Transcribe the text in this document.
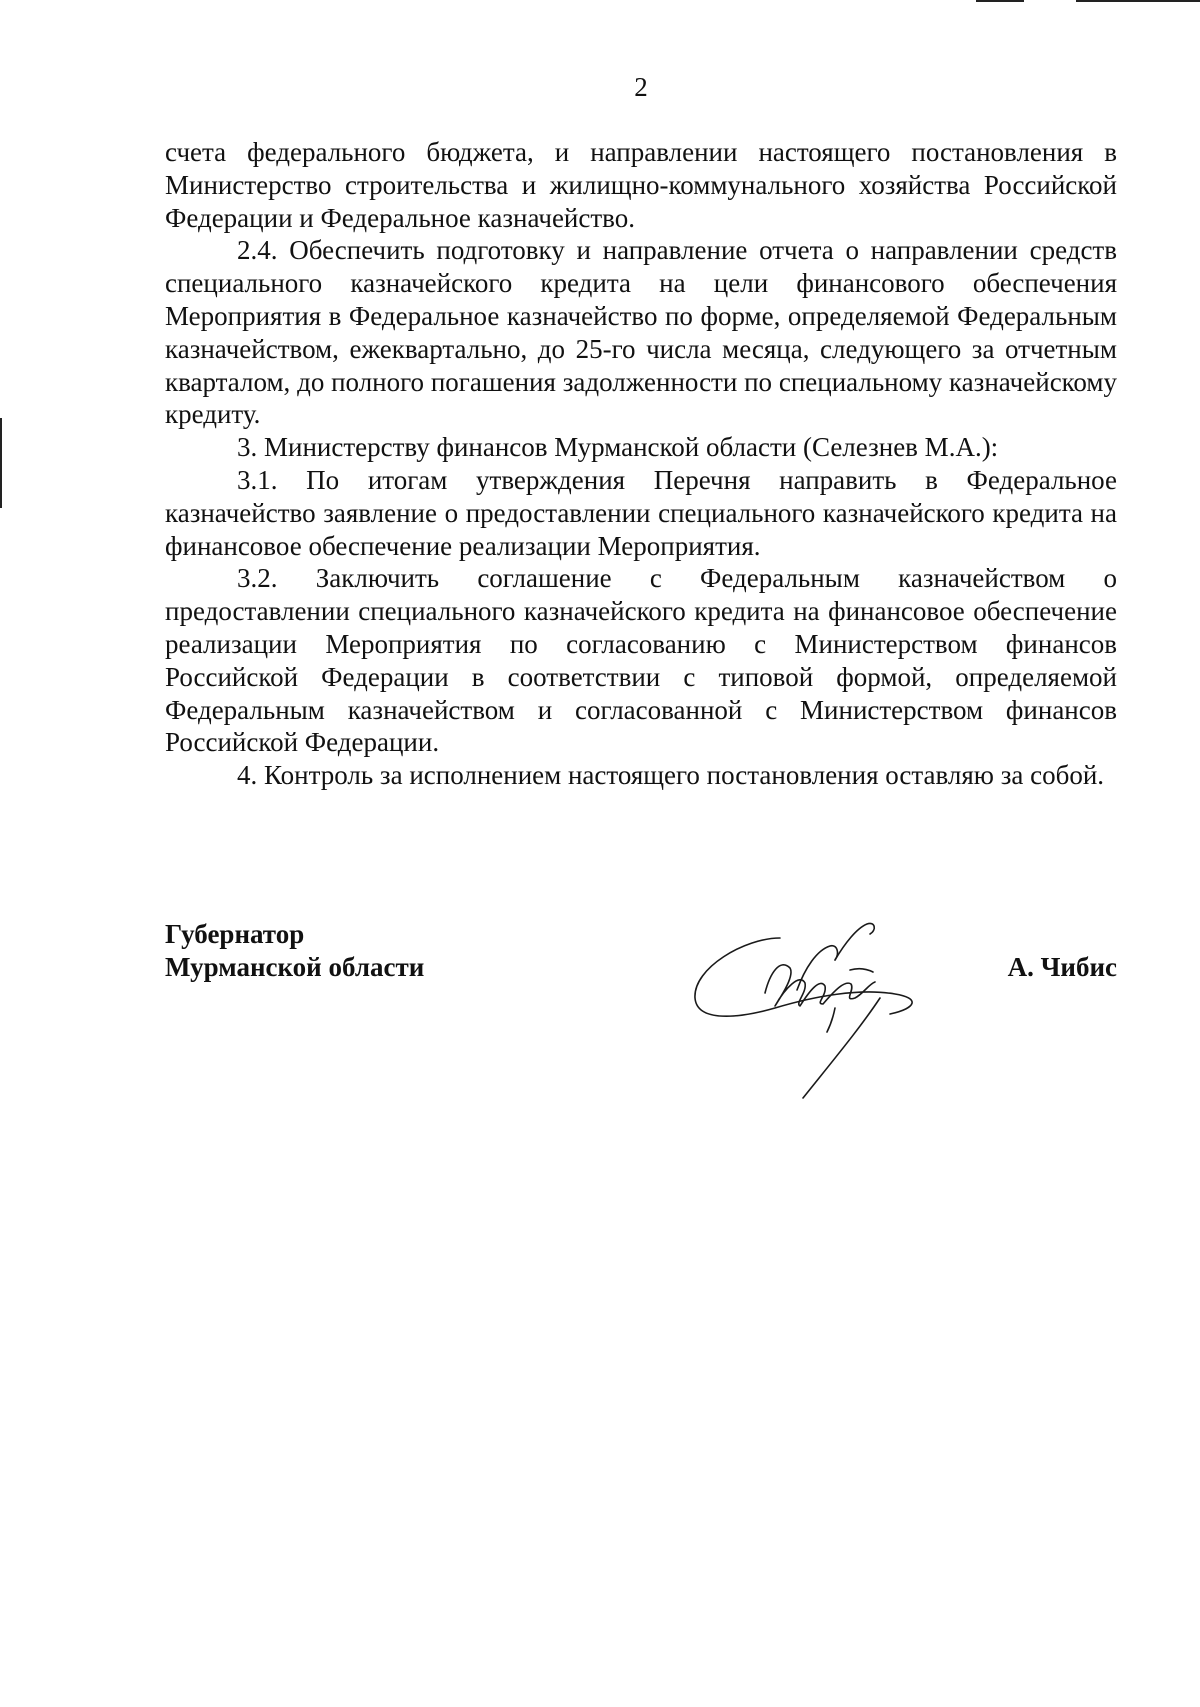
2

счета федерального бюджета, и направлении настоящего постановления в Министерство строительства и жилищно-коммунального хозяйства Российской Федерации и Федеральное казначейство.

2.4. Обеспечить подготовку и направление отчета о направлении средств специального казначейского кредита на цели финансового обеспечения Мероприятия в Федеральное казначейство по форме, определяемой Федеральным казначейством, ежеквартально, до 25-го числа месяца, следующего за отчетным кварталом, до полного погашения задолженности по специальному казначейскому кредиту.

3. Министерству финансов Мурманской области (Селезнев М.А.):

3.1. По итогам утверждения Перечня направить в Федеральное казначейство заявление о предоставлении специального казначейского кредита на финансовое обеспечение реализации Мероприятия.

3.2. Заключить соглашение с Федеральным казначейством о предоставлении специального казначейского кредита на финансовое обеспечение реализации Мероприятия по согласованию с Министерством финансов Российской Федерации в соответствии с типовой формой, определяемой Федеральным казначейством и согласованной с Министерством финансов Российской Федерации.

4. Контроль за исполнением настоящего постановления оставляю за собой.

Губернатор
Мурманской области	А. Чибис
